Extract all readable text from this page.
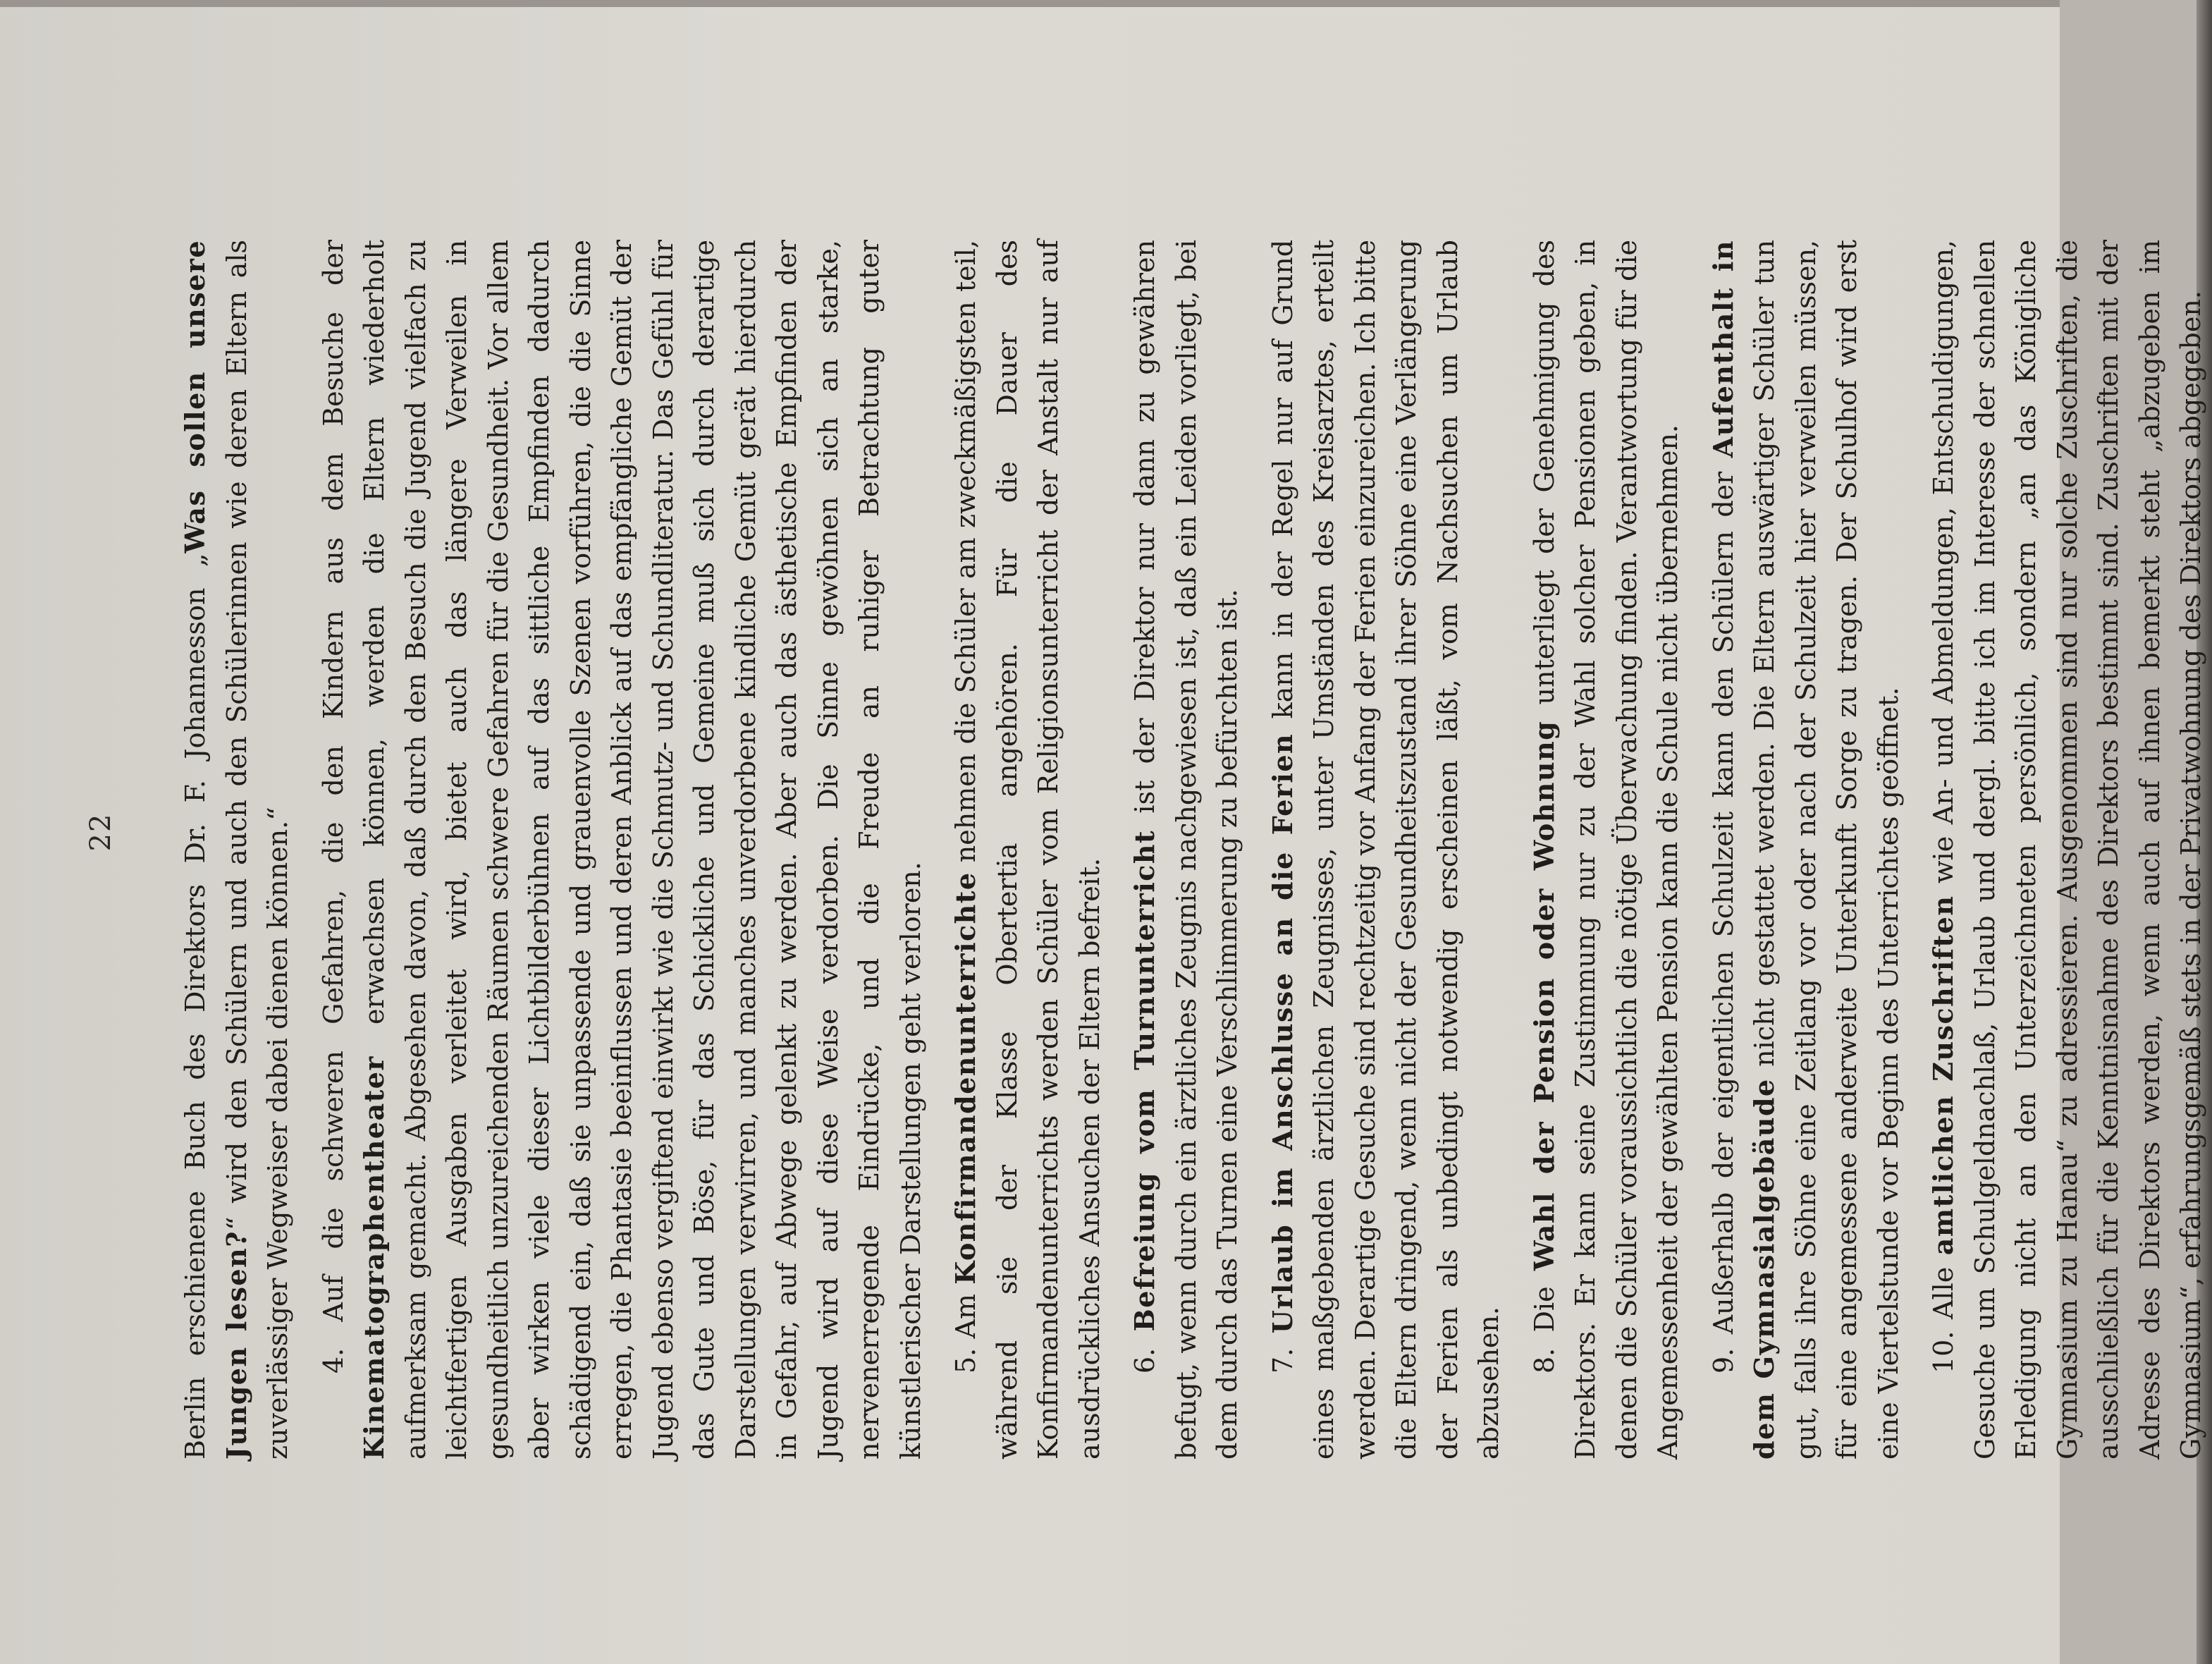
22 Berlin erschienene Buch des Direktors Dr. F. Johannesson „Was sollen unsere Jungen lesen?“ wird den Schülern und auch den Schülerinnen wie deren Eltern als zuverlässiger Wegweiser dabei dienen können.“ 4. Auf die schweren Gefahren, die den Kindern aus dem Besuche der Kinematographentheater erwachsen können, werden die Eltern wiederholt aufmerksam gemacht. Abgesehen davon, daß durch den Besuch die Jugend vielfach zu leichtfertigen Ausgaben verleitet wird, bietet auch das längere Verweilen in gesundheitlich unzureichenden Räumen schwere Gefahren für die Gesundheit. Vor allem aber wirken viele dieser Lichtbilderbühnen auf das sittliche Empfinden dadurch schädigend ein, daß sie unpassende und grauenvolle Szenen vorführen, die die Sinne erregen, die Phantasie beeinflussen und deren Anblick auf das empfängliche Gemüt der Jugend ebenso vergiftend einwirkt wie die Schmutz- und Schundliteratur. Das Gefühl für das Gute und Böse, für das Schickliche und Gemeine muß sich durch derartige Darstellungen verwirren, und manches unverdorbene kindliche Gemüt gerät hierdurch in Gefahr, auf Abwege gelenkt zu werden. Aber auch das ästhetische Empfinden der Jugend wird auf diese Weise verdorben. Die Sinne gewöhnen sich an starke, nervenerregende Eindrücke, und die Freude an ruhiger Betrachtung guter künstlerischer Darstellungen geht verloren. 5. Am Konfirmandenunterrichte nehmen die Schüler am zweckmäßigsten teil, während sie der Klasse Obertertia angehören. Für die Dauer des Konfirmandenunterrichts werden Schüler vom Religionsunterricht der Anstalt nur auf ausdrückliches Ansuchen der Eltern befreit. 6. Befreiung vom Turnunterricht ist der Direktor nur dann zu gewähren befugt, wenn durch ein ärztliches Zeugnis nachgewiesen ist, daß ein Leiden vorliegt, bei dem durch das Turnen eine Verschlimmerung zu befürchten ist. 7. Urlaub im Anschlusse an die Ferien kann in der Regel nur auf Grund eines maßgebenden ärztlichen Zeugnisses, unter Umständen des Kreisarztes, erteilt werden. Derartige Gesuche sind rechtzeitig vor Anfang der Ferien einzureichen. Ich bitte die Eltern dringend, wenn nicht der Gesundheitszustand ihrer Söhne eine Verlängerung der Ferien als unbedingt notwendig erscheinen läßt, vom Nachsuchen um Urlaub abzusehen. 8. Die Wahl der Pension oder Wohnung unterliegt der Genehmigung des Direktors. Er kann seine Zustimmung nur zu der Wahl solcher Pensionen geben, in denen die Schüler voraussichtlich die nötige Überwachung finden. Verantwortung für die Angemessenheit der gewählten Pension kann die Schule nicht übernehmen. 9. Außerhalb der eigentlichen Schulzeit kann den Schülern der Aufenthalt in dem Gymnasialgebäude nicht gestattet werden. Die Eltern auswärtiger Schüler tun gut, falls ihre Söhne eine Zeitlang vor oder nach der Schulzeit hier verweilen müssen, für eine angemessene anderweite Unterkunft Sorge zu tragen. Der Schulhof wird erst eine Viertelstunde vor Beginn des Unterrichtes geöffnet. 10. Alle amtlichen Zuschriften wie An- und Abmeldungen, Entschuldigungen, Gesuche um Schulgeldnachlaß, Urlaub und dergl. bitte ich im Interesse der schnellen Erledigung nicht an den Unterzeichneten persönlich, sondern „an das Königliche Gymnasium zu Hanau“ zu adressieren. Ausgenommen sind nur solche Zuschriften, die ausschließlich für die Kenntnisnahme des Direktors bestimmt sind. Zuschriften mit der Adresse des Direktors werden, wenn auch auf ihnen bemerkt steht „abzugeben im Gymnasium“, erfahrungsgemäß stets in der Privatwohnung des Direktors abgegeben.
